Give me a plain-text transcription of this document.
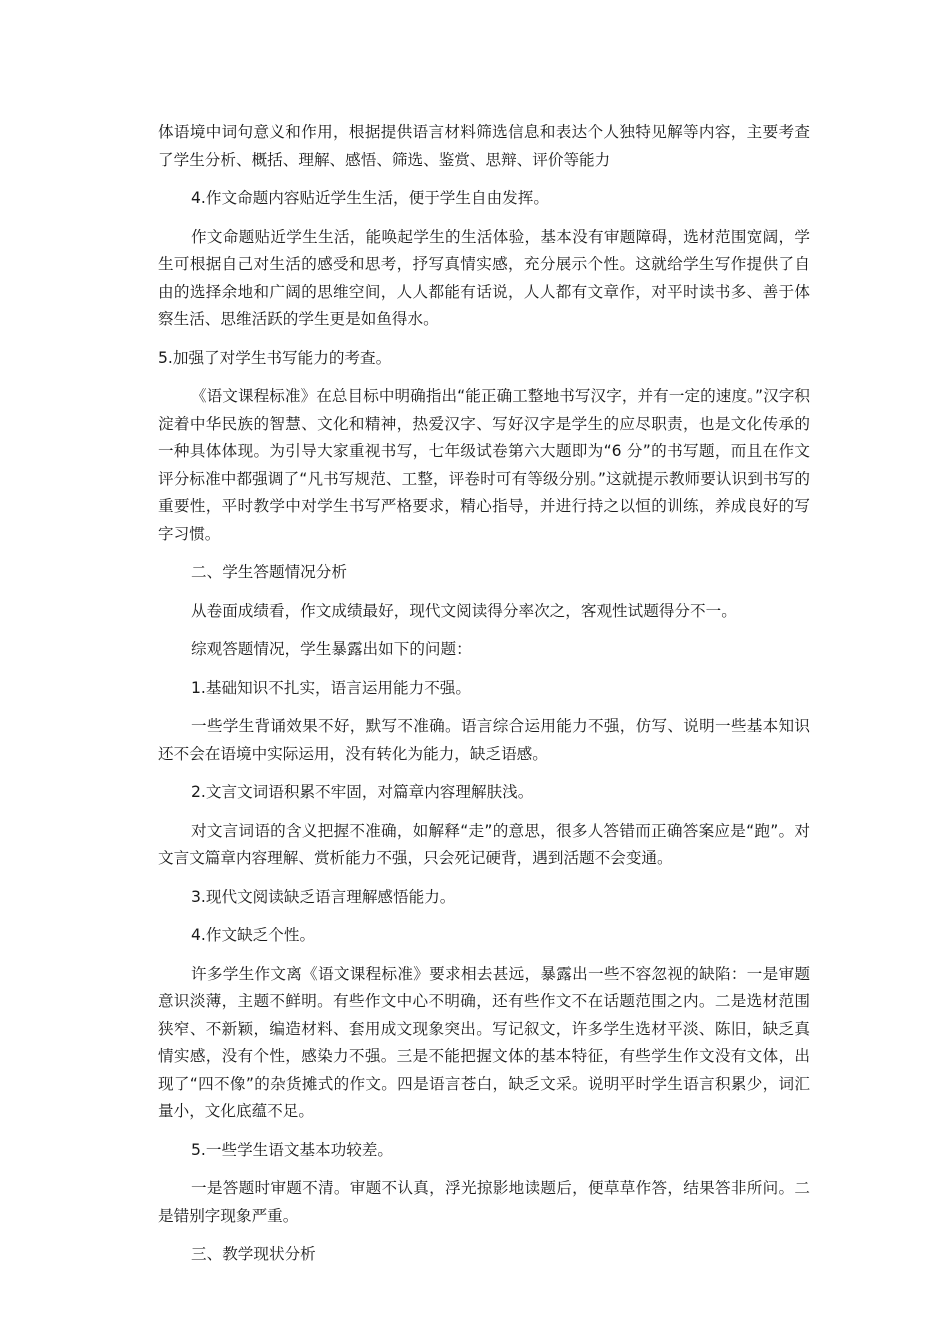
体语境中词句意义和作用，根据提供语言材料筛选信息和表达个人独特见解等内容，主要考查了学生分析、概括、理解、感悟、筛选、鉴赏、思辩、评价等能力

4.作文命题内容贴近学生生活，便于学生自由发挥。

作文命题贴近学生生活，能唤起学生的生活体验，基本没有审题障碍，选材范围宽阔，学生可根据自己对生活的感受和思考，抒写真情实感，充分展示个性。这就给学生写作提供了自由的选择余地和广阔的思维空间，人人都能有话说，人人都有文章作，对平时读书多、善于体察生活、思维活跃的学生更是如鱼得水。

5.加强了对学生书写能力的考查。

《语文课程标准》在总目标中明确指出“能正确工整地书写汉字，并有一定的速度。”汉字积淀着中华民族的智慧、文化和精神，热爱汉字、写好汉字是学生的应尽职责，也是文化传承的一种具体体现。为引导大家重视书写，七年级试卷第六大题即为“6 分”的书写题，而且在作文评分标准中都强调了“凡书写规范、工整，评卷时可有等级分别。”这就提示教师要认识到书写的重要性，平时教学中对学生书写严格要求，精心指导，并进行持之以恒的训练，养成良好的写字习惯。

二、学生答题情况分析

从卷面成绩看，作文成绩最好，现代文阅读得分率次之，客观性试题得分不一。

综观答题情况，学生暴露出如下的问题：

1.基础知识不扎实，语言运用能力不强。

一些学生背诵效果不好，默写不准确。语言综合运用能力不强，仿写、说明一些基本知识还不会在语境中实际运用，没有转化为能力，缺乏语感。

2.文言文词语积累不牢固，对篇章内容理解肤浅。

对文言词语的含义把握不准确，如解释“走”的意思，很多人答错而正确答案应是“跑”。对文言文篇章内容理解、赏析能力不强，只会死记硬背，遇到活题不会变通。

3.现代文阅读缺乏语言理解感悟能力。

4.作文缺乏个性。

许多学生作文离《语文课程标准》要求相去甚远，暴露出一些不容忽视的缺陷：一是审题意识淡薄，主题不鲜明。有些作文中心不明确，还有些作文不在话题范围之内。二是选材范围狭窄、不新颖，编造材料、套用成文现象突出。写记叙文，许多学生选材平淡、陈旧，缺乏真情实感，没有个性，感染力不强。三是不能把握文体的基本特征，有些学生作文没有文体，出现了“四不像”的杂货摊式的作文。四是语言苍白，缺乏文采。说明平时学生语言积累少，词汇量小，文化底蕴不足。

5.一些学生语文基本功较差。

一是答题时审题不清。审题不认真，浮光掠影地读题后，便草草作答，结果答非所问。二是错别字现象严重。

三、教学现状分析
